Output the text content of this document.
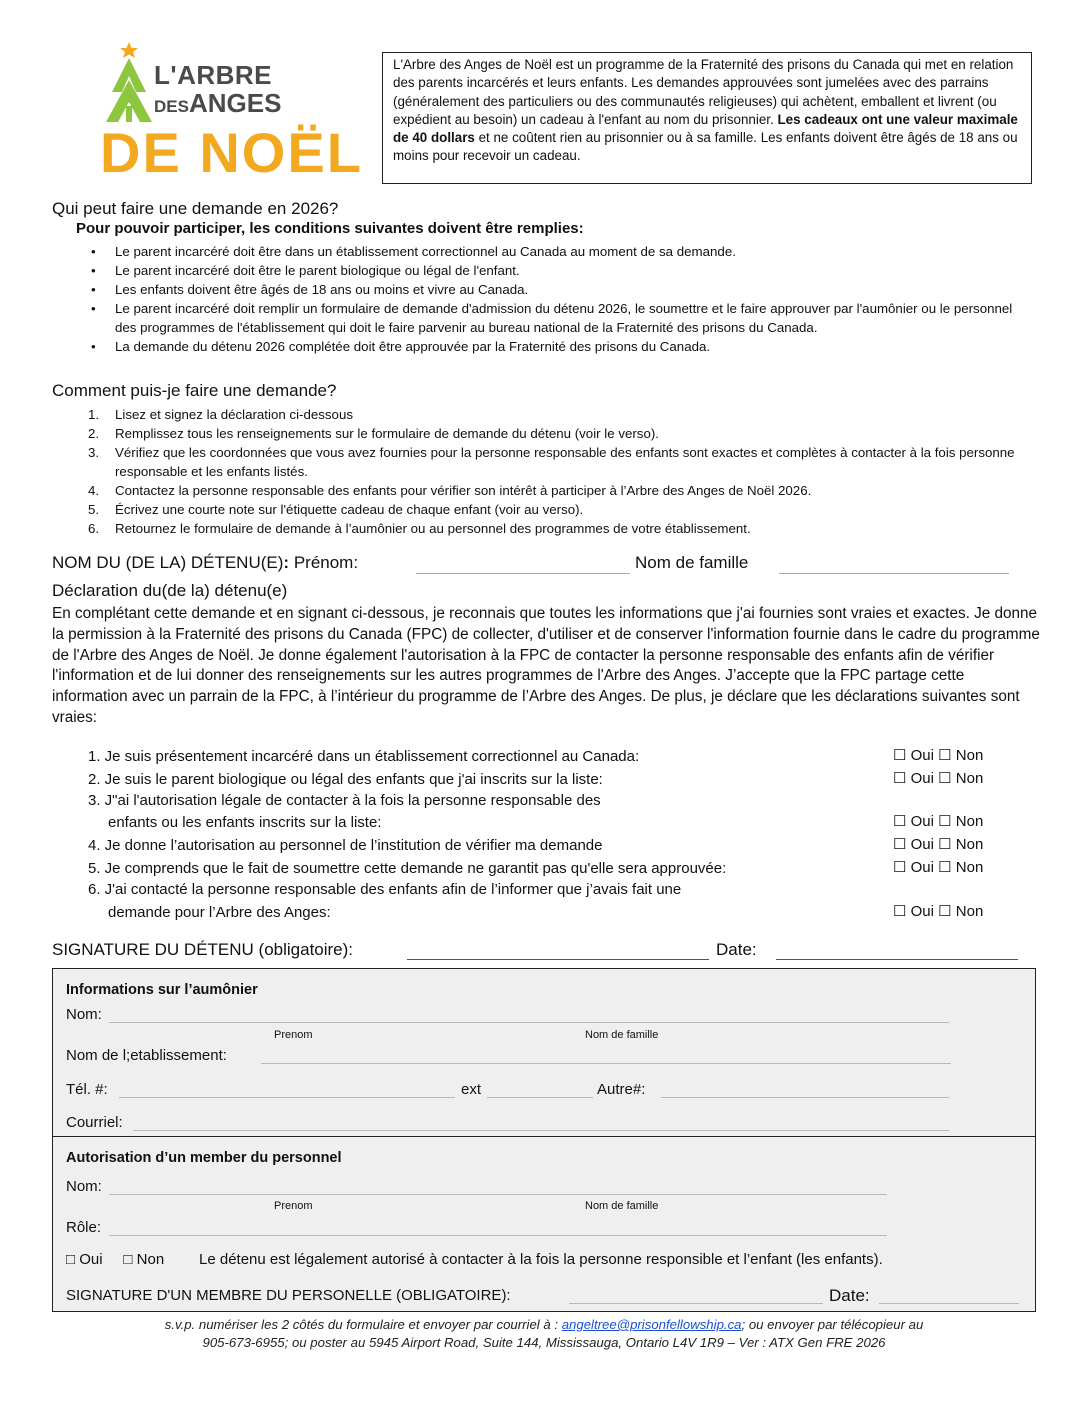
L'ARBRE
DESANGES
DE NOËL
L'Arbre des Anges de Noël est un programme de la Fraternité des prisons du Canada qui met en relation des parents incarcérés et leurs enfants. Les demandes approuvées sont jumelées avec des parrains (généralement des particuliers ou des communautés religieuses) qui achètent, emballent et livrent (ou expédient au besoin) un cadeau à l'enfant au nom du prisonnier. Les cadeaux ont une valeur maximale de 40 dollars et ne coûtent rien au prisonnier ou à sa famille. Les enfants doivent être âgés de 18 ans ou moins pour recevoir un cadeau.
Qui peut faire une demande en 2026?
Pour pouvoir participer, les conditions suivantes doivent être remplies:
• Le parent incarcéré doit être dans un établissement correctionnel au Canada au moment de sa demande.
• Le parent incarcéré doit être le parent biologique ou légal de l'enfant.
• Les enfants doivent être âgés de 18 ans ou moins et vivre au Canada.
• Le parent incarcéré doit remplir un formulaire de demande d'admission du détenu 2026, le soumettre et le faire approuver par l'aumônier ou le personnel des programmes de l'établissement qui doit le faire parvenir au bureau national de la Fraternité des prisons du Canada.
• La demande du détenu 2026 complétée doit être approuvée par la Fraternité des prisons du Canada.
Comment puis-je faire une demande?
1. Lisez et signez la déclaration ci-dessous
2. Remplissez tous les renseignements sur le formulaire de demande du détenu (voir le verso).
3. Vérifiez que les coordonnées que vous avez fournies pour la personne responsable des enfants sont exactes et complètes à contacter à la fois personne responsable et les enfants listés.
4. Contactez la personne responsable des enfants pour vérifier son intérêt à participer à l’Arbre des Anges de Noël 2026.
5. Écrivez une courte note sur l'étiquette cadeau de chaque enfant (voir au verso).
6. Retournez le formulaire de demande à l’aumônier ou au personnel des programmes de votre établissement.
NOM DU (DE LA) DÉTENU(E): Prénom:	Nom de famille
Déclaration du(de la) détenu(e)
En complétant cette demande et en signant ci-dessous, je reconnais que toutes les informations que j'ai fournies sont vraies et exactes. Je donne la permission à la Fraternité des prisons du Canada (FPC) de collecter, d'utiliser et de conserver l'information fournie dans le cadre du programme de l'Arbre des Anges de Noël. Je donne également l'autorisation à la FPC de contacter la personne responsable des enfants afin de vérifier l'information et de lui donner des renseignements sur les autres programmes de l'Arbre des Anges. J’accepte que la FPC partage cette information avec un parrain de la FPC, à l’intérieur du programme de l’Arbre des Anges. De plus, je déclare que les déclarations suivantes sont vraies:
1. Je suis présentement incarcéré dans un établissement correctionnel au Canada:	☐ Oui ☐ Non
2. Je suis le parent biologique ou légal des enfants que j'ai inscrits sur la liste:	☐ Oui ☐ Non
3. J"ai l'autorisation légale de contacter à la fois la personne responsable des
enfants ou les enfants inscrits sur la liste:	☐ Oui ☐ Non
4. Je donne l’autorisation au personnel de l’institution de vérifier ma demande	☐ Oui ☐ Non
5. Je comprends que le fait de soumettre cette demande ne garantit pas qu'elle sera approuvée:	☐ Oui ☐ Non
6. J'ai contacté la personne responsable des enfants afin de l’informer que j’avais fait une
demande pour l’Arbre des Anges:	☐ Oui ☐ Non
SIGNATURE DU DÉTENU (obligatoire):	Date:
Informations sur l’aumônier
Nom:
Prenom	Nom de famille
Nom de l;etablissement:
Tél. #:	ext	Autre#:
Courriel:
Autorisation d’un member du personnel
Nom:
Prenom	Nom de famille
Rôle:
□ Oui □ Non Le détenu est légalement autorisé à contacter à la fois la personne responsible et l’enfant (les enfants).
SIGNATURE D'UN MEMBRE DU PERSONELLE (OBLIGATOIRE):	Date:
s.v.p. numériser les 2 côtés du formulaire et envoyer par courriel à : angeltree@prisonfellowship.ca; ou envoyer par télécopieur au
905-673-6955; ou poster au 5945 Airport Road, Suite 144, Mississauga, Ontario L4V 1R9 – Ver : ATX Gen FRE 2026
